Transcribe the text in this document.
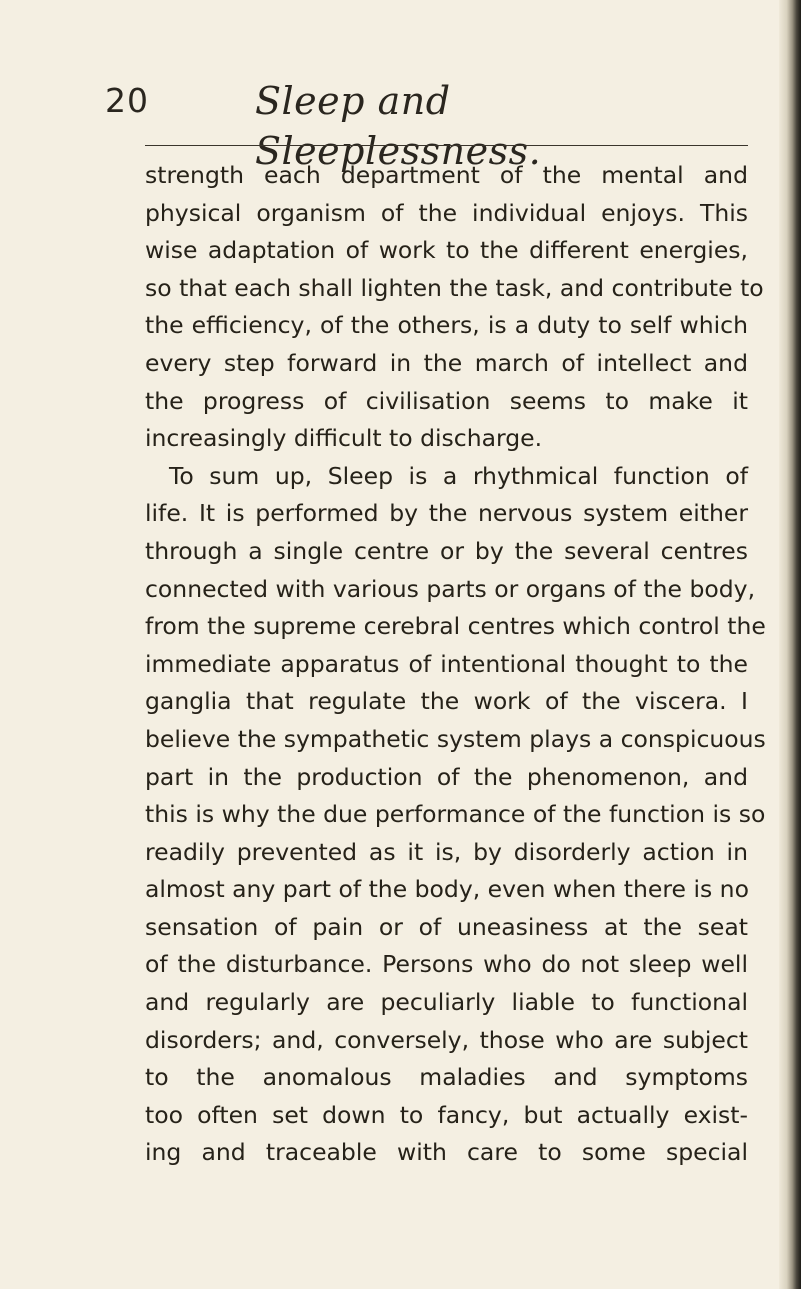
20	Sleep and Sleeplessness.
strength each department of the mental and
physical organism of the individual enjoys. This
wise adaptation of work to the different energies,
so that each shall lighten the task, and contribute to
the efficiency, of the others, is a duty to self which
every step forward in the march of intellect and
the progress of civilisation seems to make it
increasingly difficult to discharge.
To sum up, Sleep is a rhythmical function of
life. It is performed by the nervous system either
through a single centre or by the several centres
connected with various parts or organs of the body,
from the supreme cerebral centres which control the
immediate apparatus of intentional thought to the
ganglia that regulate the work of the viscera. I
believe the sympathetic system plays a conspicuous
part in the production of the phenomenon, and
this is why the due performance of the function is so
readily prevented as it is, by disorderly action in
almost any part of the body, even when there is no
sensation of pain or of uneasiness at the seat
of the disturbance. Persons who do not sleep well
and regularly are peculiarly liable to functional
disorders; and, conversely, those who are subject
to the anomalous maladies and symptoms
too often set down to fancy, but actually exist-
ing and traceable with care to some special
